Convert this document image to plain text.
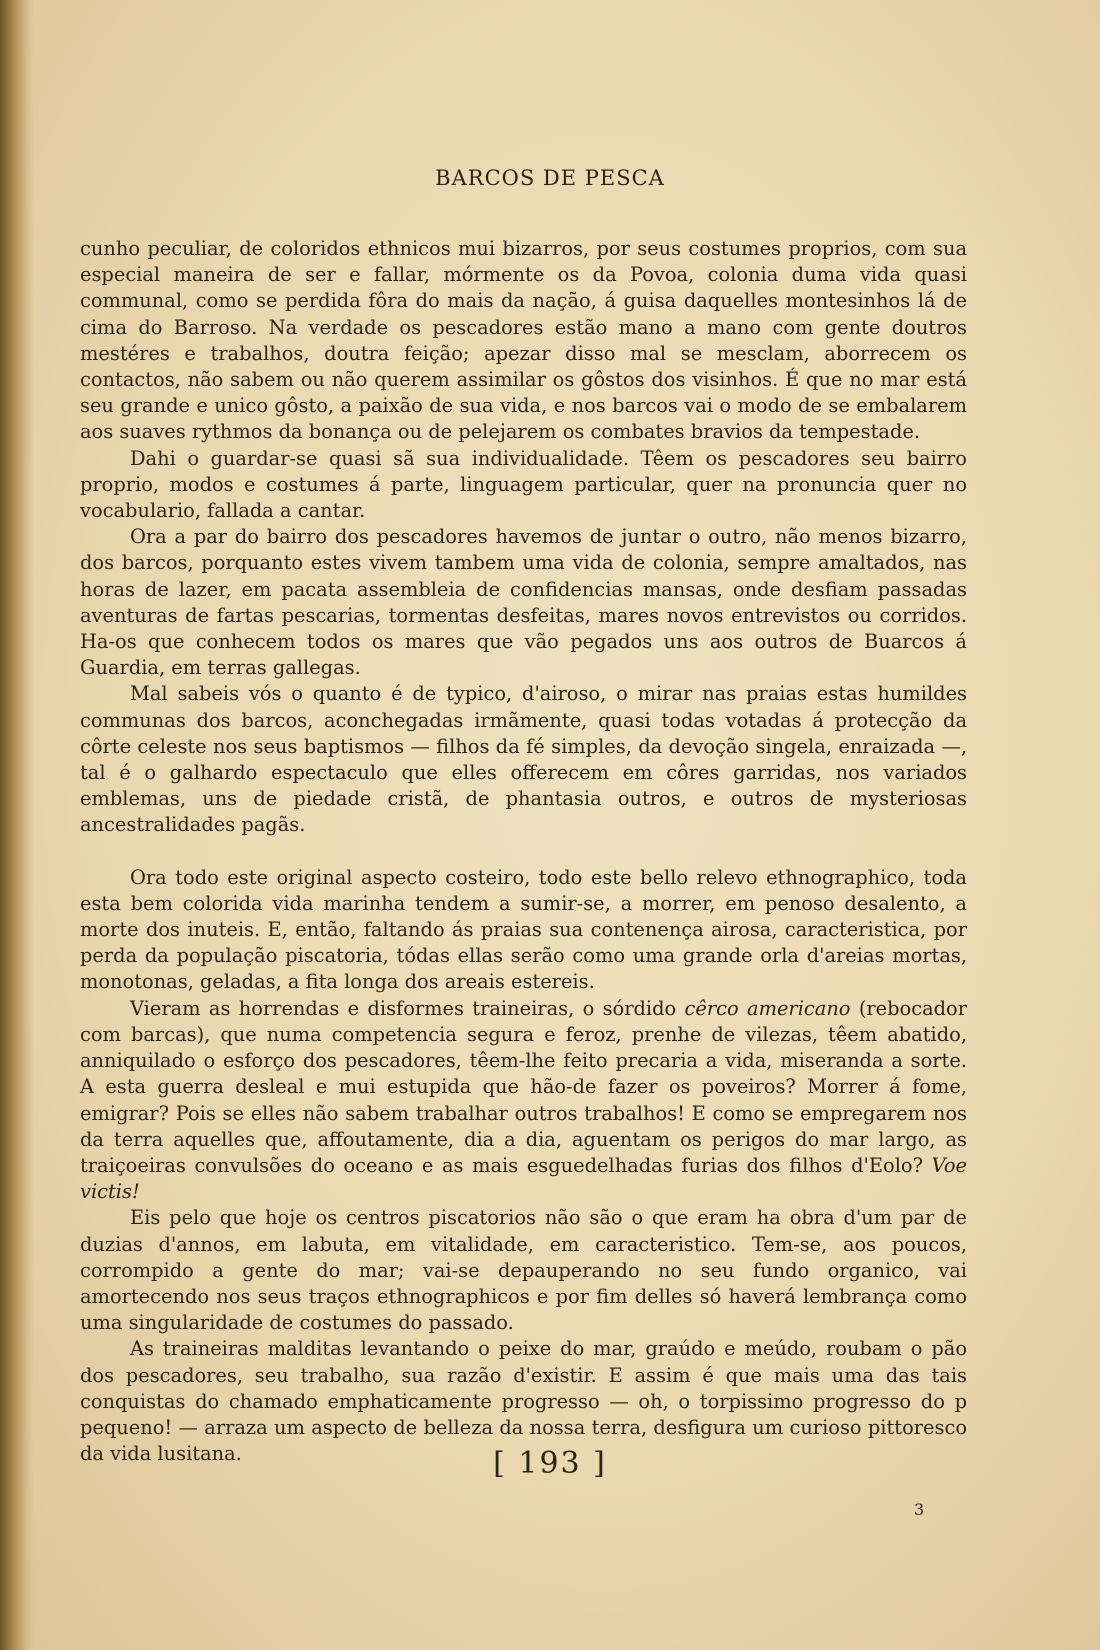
BARCOS DE PESCA

cunho peculiar, de coloridos ethnicos mui bizarros, por seus costumes proprios, com sua especial maneira de ser e fallar, mórmente os da Povoa, colonia duma vida quasi communal, como se perdida fôra do mais da nação, á guisa daquelles montesinhos lá de cima do Barroso. Na verdade os pescadores estão mano a mano com gente doutros mestéres e trabalhos, doutra feição; apezar disso mal se mesclam, aborrecem os contactos, não sabem ou não querem assimilar os gôstos dos visinhos. É que no mar está seu grande e unico gôsto, a paixão de sua vida, e nos barcos vai o modo de se embalarem aos suaves rythmos da bonança ou de pelejarem os combates bravios da tempestade.

Dahi o guardar-se quasi sã sua individualidade. Têem os pescadores seu bairro proprio, modos e costumes á parte, linguagem particular, quer na pronuncia quer no vocabulario, fallada a cantar.

Ora a par do bairro dos pescadores havemos de juntar o outro, não menos bizarro, dos barcos, porquanto estes vivem tambem uma vida de colonia, sempre amaltados, nas horas de lazer, em pacata assembleia de confidencias mansas, onde desfiam passadas aventuras de fartas pescarias, tormentas desfeitas, mares novos entrevistos ou corridos. Ha-os que conhecem todos os mares que vão pegados uns aos outros de Buarcos á Guardia, em terras gallegas.

Mal sabeis vós o quanto é de typico, d'airoso, o mirar nas praias estas humildes communas dos barcos, aconchegadas irmãmente, quasi todas votadas á protecção da côrte celeste nos seus baptismos — filhos da fé simples, da devoção singela, enraizada —, tal é o galhardo espectaculo que elles offerecem em côres garridas, nos variados emblemas, uns de piedade cristã, de phantasia outros, e outros de mysteriosas ancestralidades pagãs.

Ora todo este original aspecto costeiro, todo este bello relevo ethnographico, toda esta bem colorida vida marinha tendem a sumir-se, a morrer, em penoso desalento, a morte dos inuteis. E, então, faltando ás praias sua contenença airosa, caracteristica, por perda da população piscatoria, tódas ellas serão como uma grande orla d'areias mortas, monotonas, geladas, a fita longa dos areais estereis.

Vieram as horrendas e disformes traineiras, o sórdido cêrco americano (rebocador com barcas), que numa competencia segura e feroz, prenhe de vilezas, têem abatido, anniquilado o esforço dos pescadores, têem-lhe feito precaria a vida, miseranda a sorte. A esta guerra desleal e mui estupida que hão-de fazer os poveiros? Morrer á fome, emigrar? Pois se elles não sabem trabalhar outros trabalhos! E como se empregarem nos da terra aquelles que, affoutamente, dia a dia, aguentam os perigos do mar largo, as traiçoeiras convulsões do oceano e as mais esguedelhadas furias dos filhos d'Eolo? Voe victis!

Eis pelo que hoje os centros piscatorios não são o que eram ha obra d'um par de duzias d'annos, em labuta, em vitalidade, em caracteristico. Tem-se, aos poucos, corrompido a gente do mar; vai-se depauperando no seu fundo organico, vai amortecendo nos seus traços ethnographicos e por fim delles só haverá lembrança como uma singularidade de costumes do passado.

As traineiras malditas levantando o peixe do mar, graúdo e meúdo, roubam o pão dos pescadores, seu trabalho, sua razão d'existir. E assim é que mais uma das tais conquistas do chamado emphaticamente progresso — oh, o torpissimo progresso do p pequeno! — arraza um aspecto de belleza da nossa terra, desfigura um curioso pittoresco da vida lusitana.	[ 193 ]
3
